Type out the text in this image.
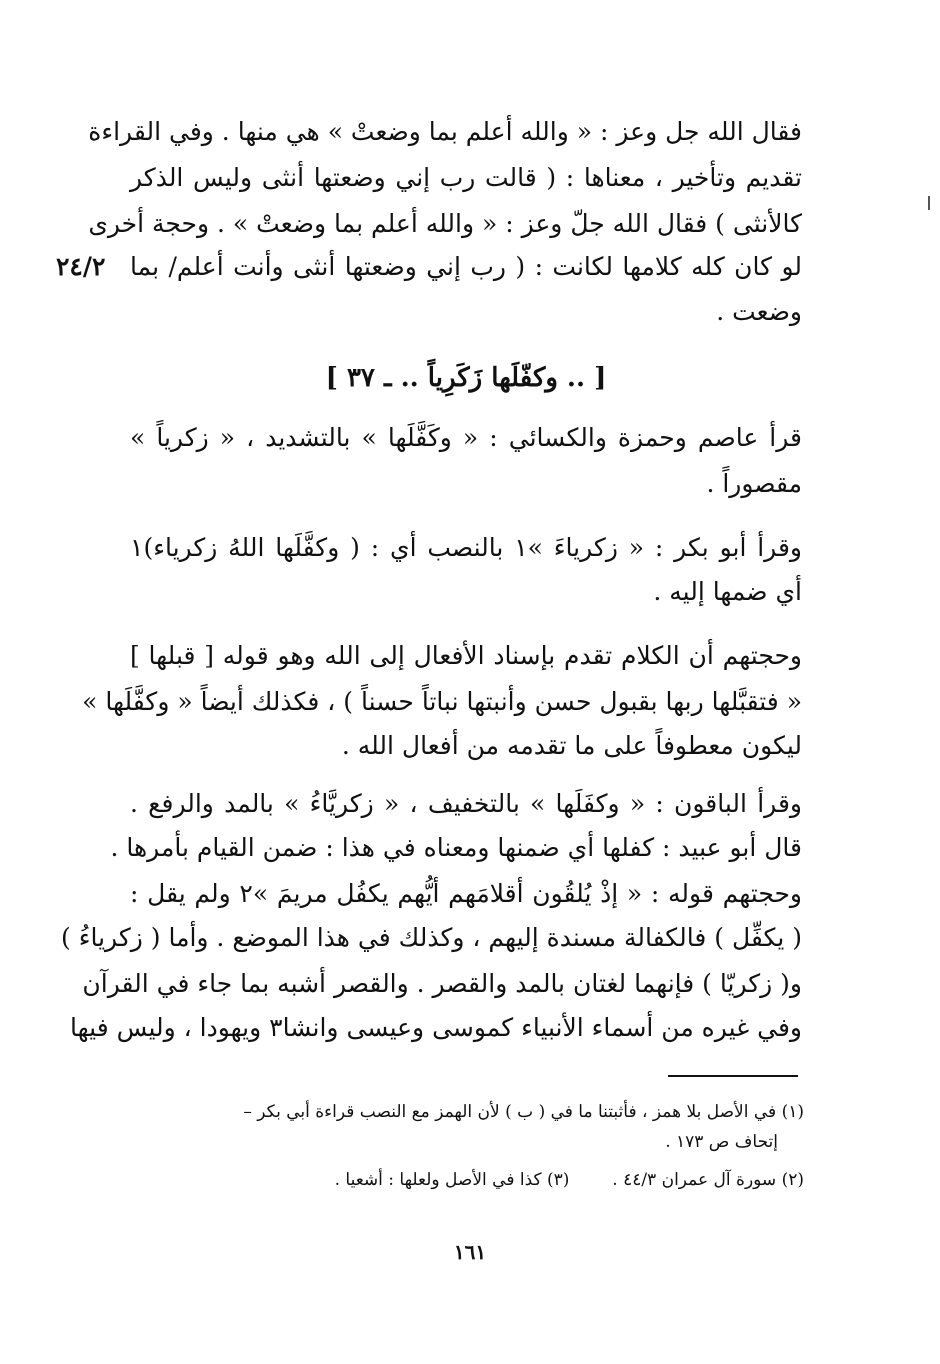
فقال الله جل وعز : « والله أعلم بما وضعتْ » هي منها . وفي القراءة
تقديم وتأخير ، معناها : ( قالت رب إني وضعتها أنثى وليس الذكر
كالأنثى ) فقال الله جلّ وعز : « والله أعلم بما وضعتْ » . وحجة أخرى
لو كان كله كلامها لكانت : ( رب إني وضعتها أنثى وأنت أعلم/ بما
وضعت .
٢٤/٢
[ .. وكفّلَها زَكَرِياً .. ـ ٣٧ ]
قرأ عاصم وحمزة والكسائي : « وكَفَّلَها » بالتشديد ، « زكرياً »
مقصوراً .
وقرأ أبو بكر : « زكرياءَ »١ بالنصب أي : ( وكفَّلَها اللهُ زكرياء)١
أي ضمها إليه .
وحجتهم أن الكلام تقدم بإسناد الأفعال إلى الله وهو قوله [ قبلها ]
« فتقبَّلها ربها بقبول حسن وأنبتها نباتاً حسناً ) ، فكذلك أيضاً « وكفَّلَها »
ليكون معطوفاً على ما تقدمه من أفعال الله .
وقرأ الباقون : « وكفَلَها » بالتخفيف ، « زكريَّاءُ » بالمد والرفع .
قال أبو عبيد : كفلها أي ضمنها ومعناه في هذا : ضمن القيام بأمرها .
وحجتهم قوله : « إذْ يُلقُون أقلامَهم أيُّهم يكفُل مريمَ »٢ ولم يقل :
( يكفِّل ) فالكفالة مسندة إليهم ، وكذلك في هذا الموضع . وأما ( زكرياءُ )
و( زكريّا ) فإنهما لغتان بالمد والقصر . والقصر أشبه بما جاء في القرآن
وفي غيره من أسماء الأنبياء كموسى وعيسى وانشا٣ ويهودا ، وليس فيها
(١) في الأصل بلا همز ، فأثبتنا ما في ( ب ) لأن الهمز مع النصب قراءة أبي بكر –
إتحاف ص ١٧٣ .
(٢) سورة آل عمران ٤٤/٣ .  (٣) كذا في الأصل ولعلها : أشعيا .
١٦١
